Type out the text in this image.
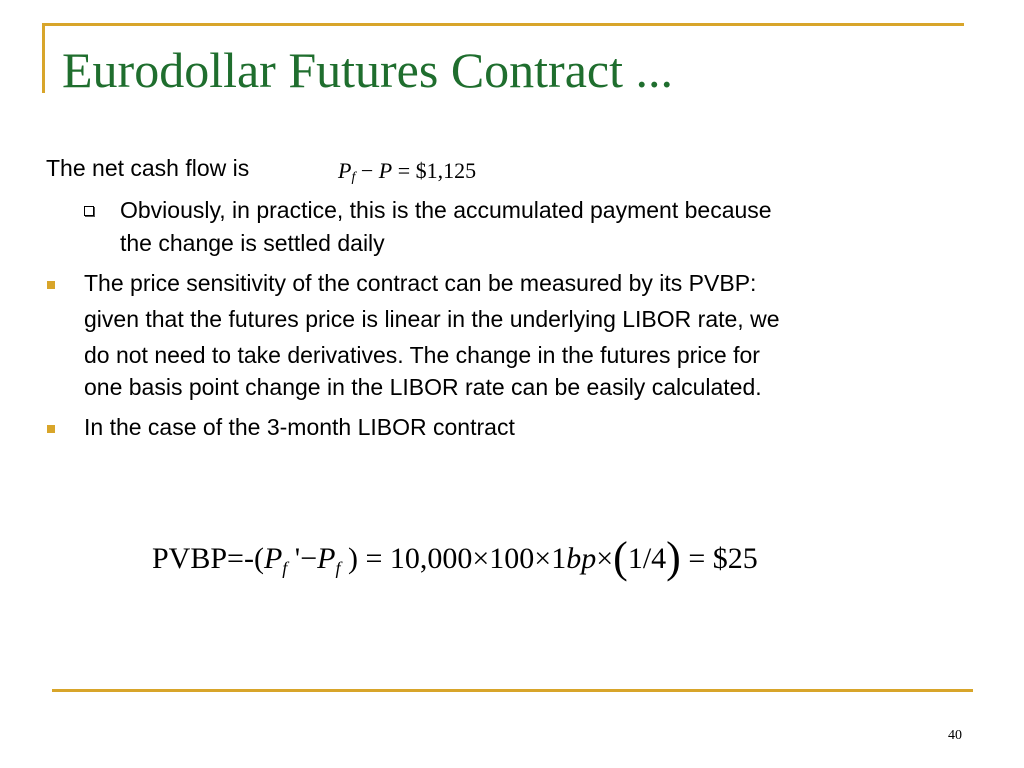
Eurodollar Futures Contract ...
The net cash flow is	$P_f - P$ = $1,125
Obviously, in practice, this is the accumulated payment because
the change is settled daily
The price sensitivity of the contract can be measured by its PVBP:
given that the futures price is linear in the underlying LIBOR rate, we
do not need to take derivatives. The change in the futures price for
one basis point change in the LIBOR rate can be easily calculated.
In the case of the 3-month LIBOR contract
$PVBP=-(P_f$ '$-P_f$ ) = 10,000×100×1bp×(1/4) = $25
40
